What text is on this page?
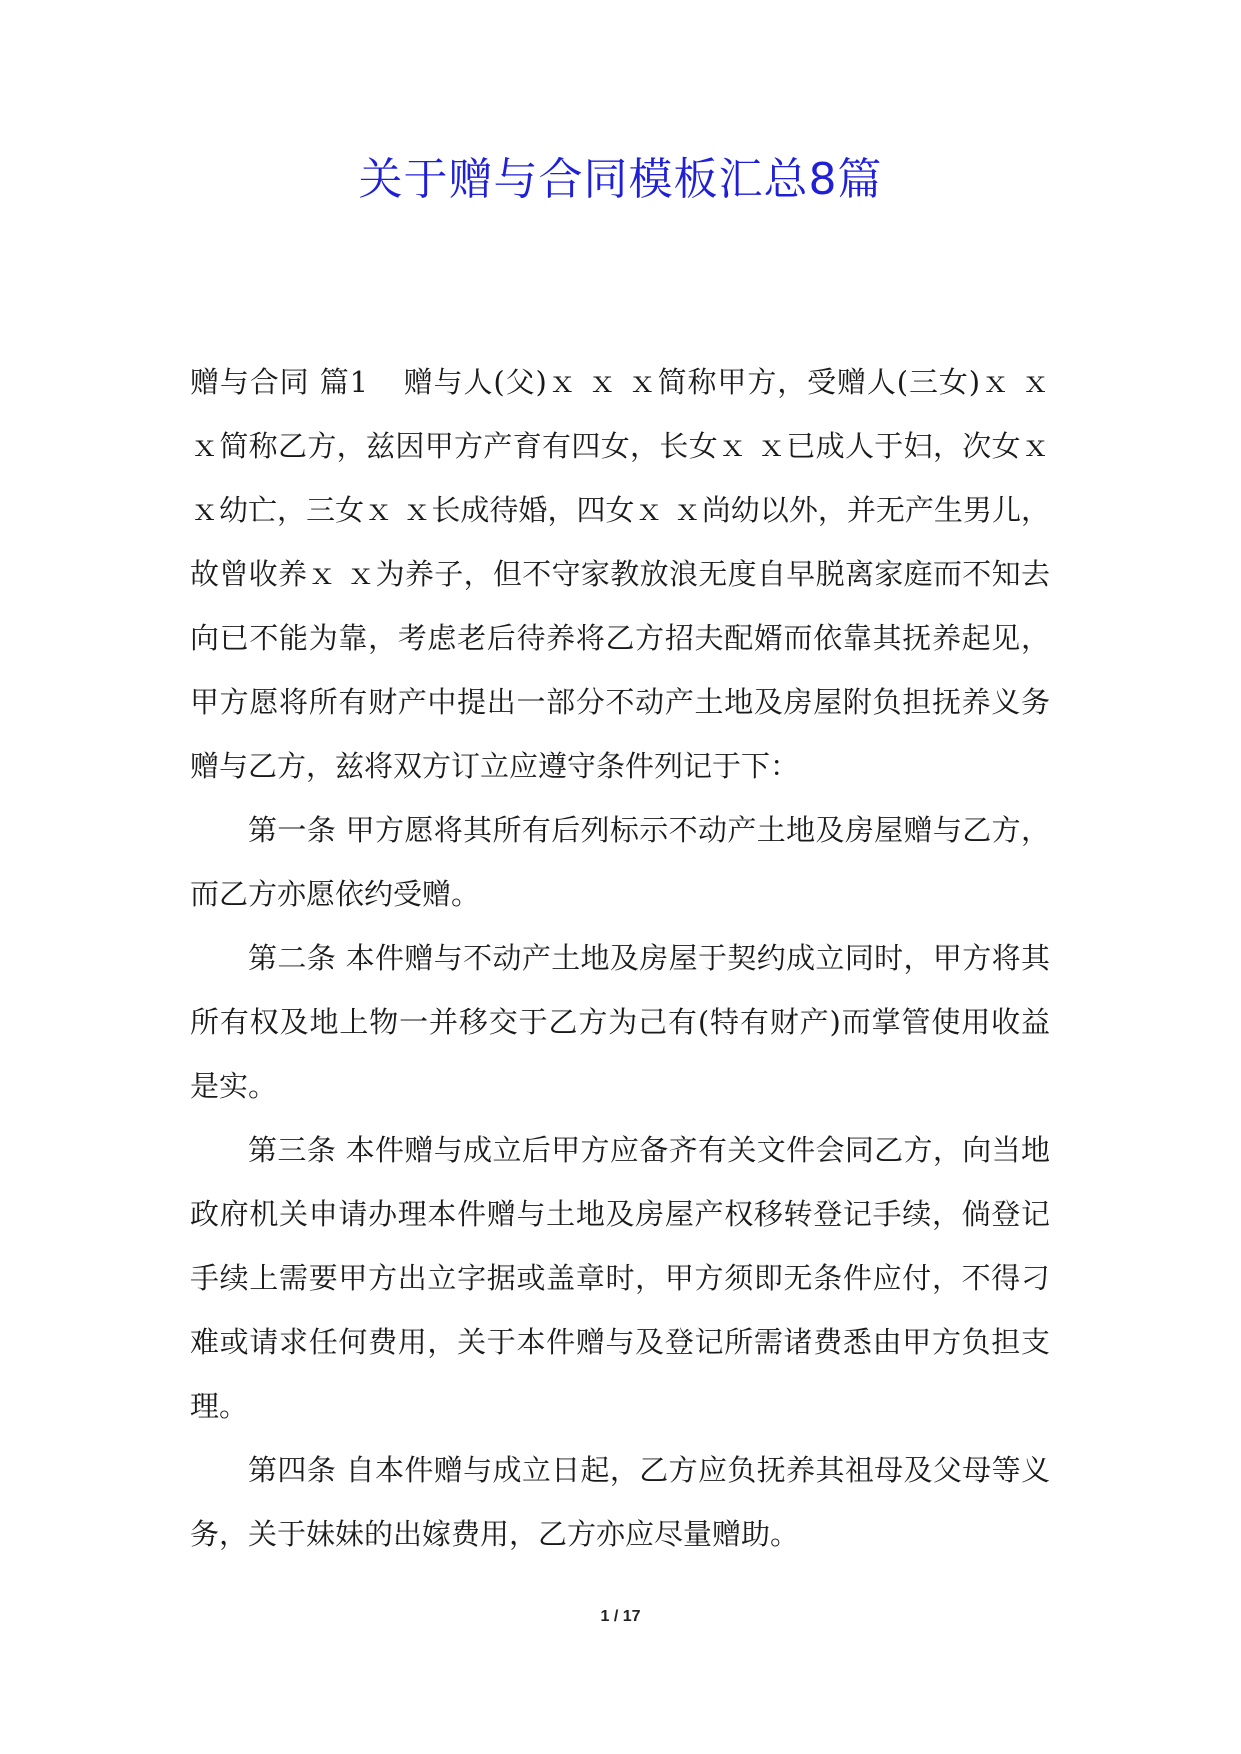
关于赠与合同模板汇总8篇

赠与合同 篇1 赠与人(父)ｘ ｘ ｘ简称甲方，受赠人(三女)ｘ ｘ ｘ简称乙方，兹因甲方产育有四女，长女ｘ ｘ已成人于妇，次女ｘ ｘ幼亡，三女ｘ ｘ长成待婚，四女ｘ ｘ尚幼以外，并无产生男儿，故曾收养ｘ ｘ为养子，但不守家教放浪无度自早脱离家庭而不知去向已不能为靠，考虑老后待养将乙方招夫配婿而依靠其抚养起见，甲方愿将所有财产中提出一部分不动产土地及房屋附负担抚养义务赠与乙方，兹将双方订立应遵守条件列记于下：

第一条 甲方愿将其所有后列标示不动产土地及房屋赠与乙方，而乙方亦愿依约受赠。

第二条 本件赠与不动产土地及房屋于契约成立同时，甲方将其所有权及地上物一并移交于乙方为己有(特有财产)而掌管使用收益是实。

第三条 本件赠与成立后甲方应备齐有关文件会同乙方，向当地政府机关申请办理本件赠与土地及房屋产权移转登记手续，倘登记手续上需要甲方出立字据或盖章时，甲方须即无条件应付，不得刁难或请求任何费用，关于本件赠与及登记所需诸费悉由甲方负担支理。

第四条 自本件赠与成立日起，乙方应负抚养其祖母及父母等义务，关于妹妹的出嫁费用，乙方亦应尽量赠助。

1 / 17
